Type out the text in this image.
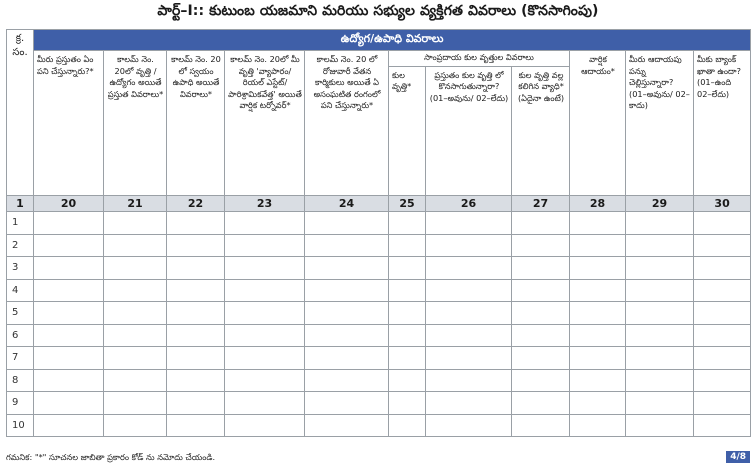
పార్ట్–I:: కుటుంబ యజమాని మరియు సభ్యుల వ్యక్తిగత వివరాలు (కొనసాగింపు)
క్ర. సం.	ఉద్యోగ/ఉపాధి వివరాలు										
	మీరు ప్రస్తుతం ఏం పని చేస్తున్నారు?*	కాలమ్ నెం. 20లో వృత్తి / ఉద్యోగం అయితే ప్రస్తుత వివరాలు*	కాలమ్ నెం. 20 లో స్వయం ఉపాధి అయితే వివరాలు*	కాలమ్ నెం. 20లో మీ వృత్తి 'వ్యాపారం/ రియల్ ఎస్టేట్/ పారిశ్రామికవేత్త' అయితే వార్షిక టర్నోవర్*	కాలమ్ నెం. 20 లో రోజువారీ వేతన కార్మికులు అయితే ఏ అసంఘటిత రంగంలో పని చేస్తున్నారు*	సాంప్రదాయ కుల వృత్తుల వివరాలు			వార్షిక ఆదాయం*	మీరు ఆదాయపు పన్ను చెల్లిస్తున్నారా? (01–అవును/ 02–కాదు)	మీకు బ్యాంక్ ఖాతా ఉందా? (01–ఉంది 02–లేదు)
						కుల వృత్తి*	ప్రస్తుతం కుల వృత్తి లో కొనసాగుతున్నారా? (01–అవును/ 02–లేదు)	కుల వృత్తి వల్ల కలిగిన వ్యాధి* (ఏదైనా ఉంటే)			
1	20	21	22	23	24	25	26	27	28	29	30
1											
2											
3											
4											
5											
6											
7											
8											
9											
10											
గమనిక: "*" సూచనల జాబితా ప్రకారం కోడ్ ను నమోదు చేయండి.	4/8
